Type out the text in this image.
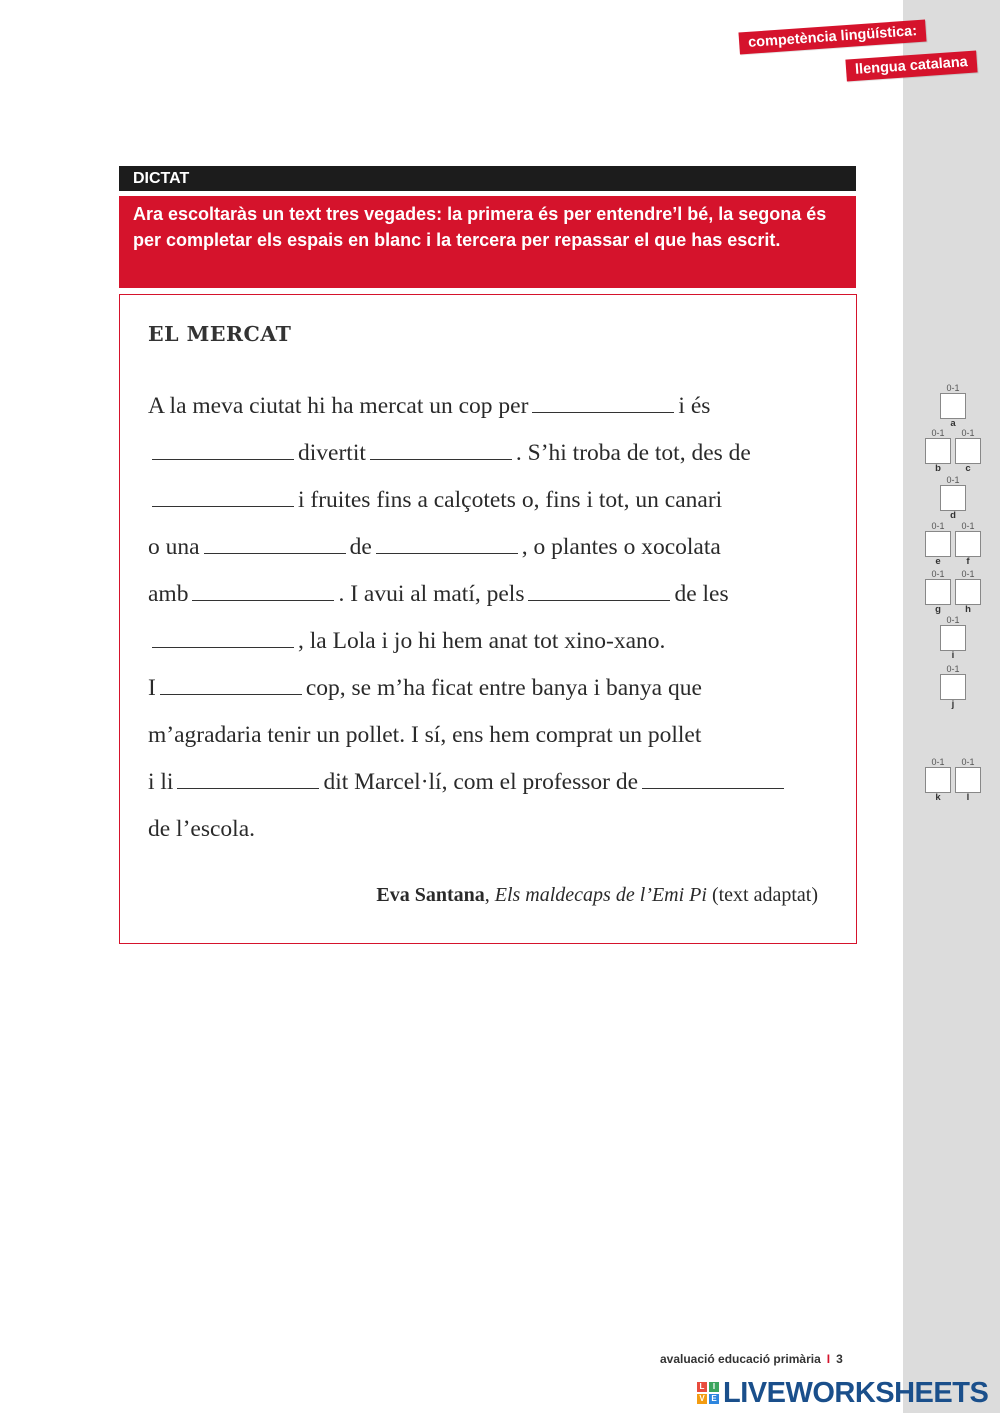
competència lingüística:
llengua catalana
DICTAT
Ara escoltaràs un text tres vegades: la primera és per entendre’l bé, la segona és per completar els espais en blanc i la tercera per repassar el que has escrit.
EL MERCAT
A la meva ciutat hi ha mercat un cop per	i és
divertit	. S’hi troba de tot, des de
i fruites fins a calçotets o, fins i tot, un canari
o una	de	, o plantes o xocolata
amb	. I avui al matí, pels	de les
, la Lola i jo hi hem anat tot xino-xano.
I	cop, se m’ha ficat entre banya i banya que
m’agradaria tenir un pollet. I sí, ens hem comprat un pollet
i li	dit Marcel·lí, com el professor de
de l’escola.
Eva Santana, Els maldecaps de l’Emi Pi (text adaptat)
0-1
a
0-1
b
0-1
c
0-1
d
0-1
e
0-1
f
0-1
g
0-1
h
0-1
i
0-1
j
0-1
k
0-1
l
avaluació educació primària I 3
L	I
V E LIVEWORKSHEETS
